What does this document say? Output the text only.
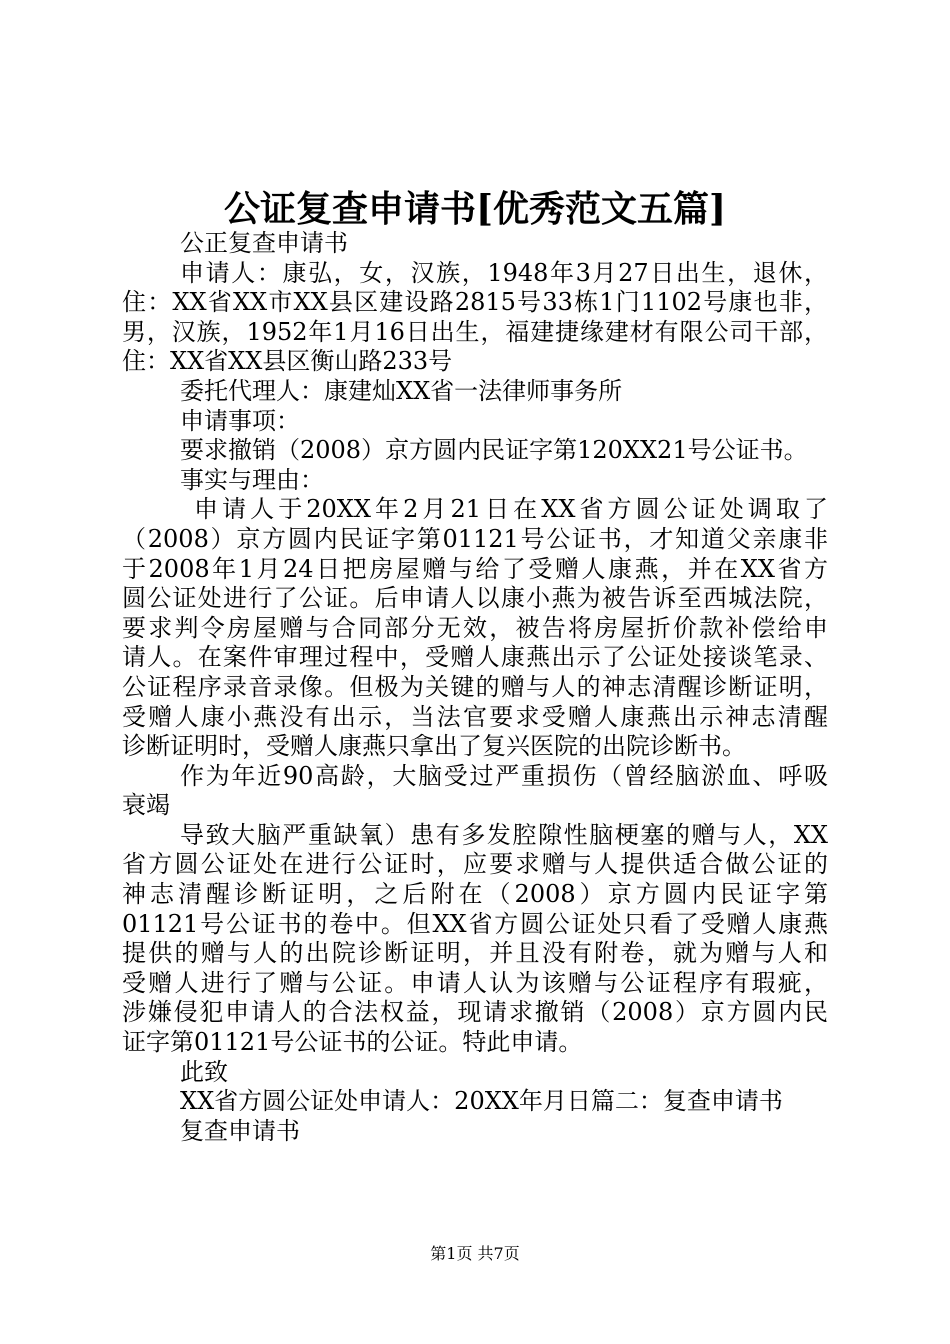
公证复查申请书[优秀范文五篇]
公正复查申请书
申请人：康弘，女，汉族，1948年3月27日出生，退休，
住：XX省XX市XX县区建设路2815号33栋1门1102号康也非，
男，汉族，1952年1月16日出生，福建捷缘建材有限公司干部，
住：XX省XX县区衡山路233号
委托代理人：康建灿XX省一法律师事务所
申请事项：
要求撤销（2008）京方圆内民证字第120XX21号公证书。
事实与理由：
申请人于20XX年2月21日在XX省方圆公证处调取了
（2008）京方圆内民证字第01121号公证书，才知道父亲康非
于2008年1月24日把房屋赠与给了受赠人康燕，并在XX省方
圆公证处进行了公证。后申请人以康小燕为被告诉至西城法院，
要求判令房屋赠与合同部分无效，被告将房屋折价款补偿给申
请人。在案件审理过程中，受赠人康燕出示了公证处接谈笔录、
公证程序录音录像。但极为关键的赠与人的神志清醒诊断证明，
受赠人康小燕没有出示，当法官要求受赠人康燕出示神志清醒
诊断证明时，受赠人康燕只拿出了复兴医院的出院诊断书。
作为年近90高龄，大脑受过严重损伤（曾经脑淤血、呼吸
衰竭
导致大脑严重缺氧）患有多发腔隙性脑梗塞的赠与人，XX
省方圆公证处在进行公证时，应要求赠与人提供适合做公证的
神志清醒诊断证明，之后附在（2008）京方圆内民证字第
01121号公证书的卷中。但XX省方圆公证处只看了受赠人康燕
提供的赠与人的出院诊断证明，并且没有附卷，就为赠与人和
受赠人进行了赠与公证。申请人认为该赠与公证程序有瑕疵，
涉嫌侵犯申请人的合法权益，现请求撤销（2008）京方圆内民
证字第01121号公证书的公证。特此申请。
此致
XX省方圆公证处申请人：20XX年月日篇二：复查申请书
复查申请书
第1页 共7页
